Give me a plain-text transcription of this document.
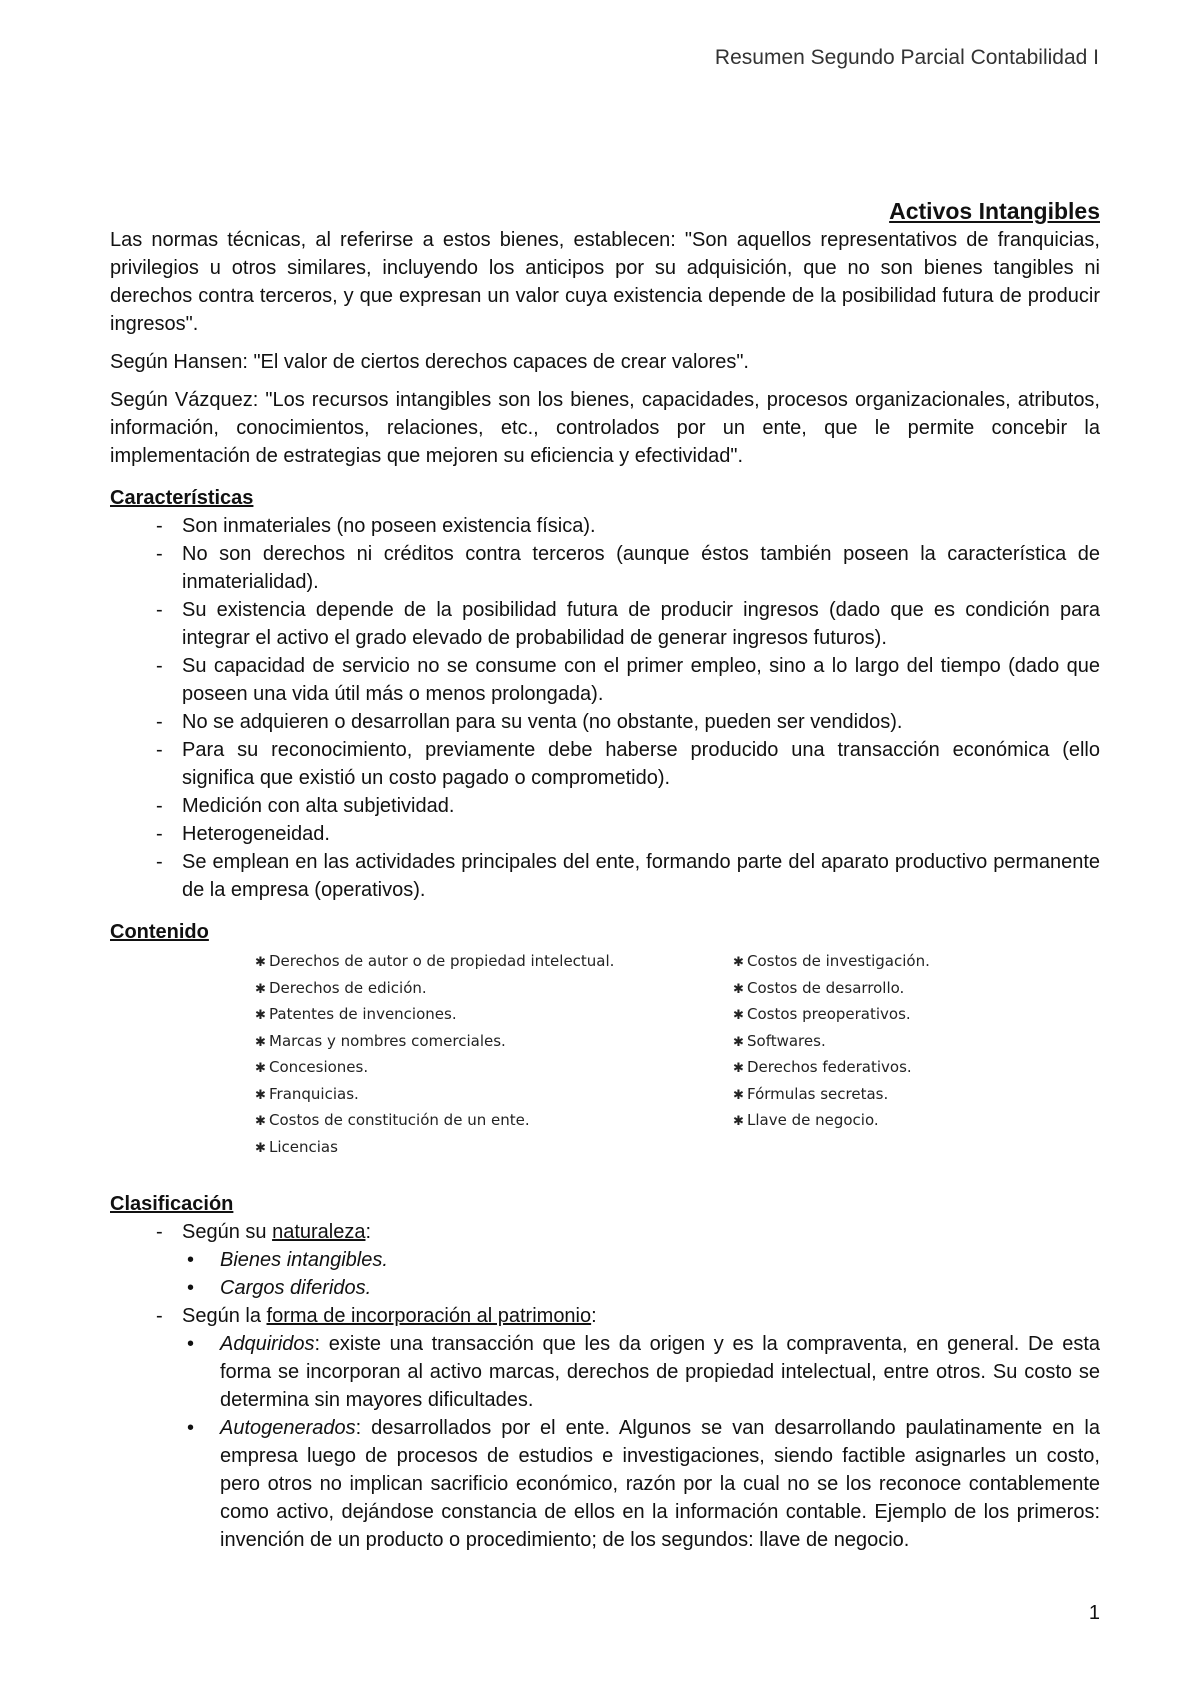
Resumen Segundo Parcial Contabilidad I
Activos Intangibles

Las normas técnicas, al referirse a estos bienes, establecen: "Son aquellos representativos de franquicias, privilegios u otros similares, incluyendo los anticipos por su adquisición, que no son bienes tangibles ni derechos contra terceros, y que expresan un valor cuya existencia depende de la posibilidad futura de producir ingresos".

Según Hansen: "El valor de ciertos derechos capaces de crear valores".

Según Vázquez: "Los recursos intangibles son los bienes, capacidades, procesos organizacionales, atributos, información, conocimientos, relaciones, etc., controlados por un ente, que le permite concebir la implementación de estrategias que mejoren su eficiencia y efectividad".

Características
- Son inmateriales (no poseen existencia física).
- No son derechos ni créditos contra terceros (aunque éstos también poseen la característica de inmaterialidad).
- Su existencia depende de la posibilidad futura de producir ingresos (dado que es condición para integrar el activo el grado elevado de probabilidad de generar ingresos futuros).
- Su capacidad de servicio no se consume con el primer empleo, sino a lo largo del tiempo (dado que poseen una vida útil más o menos prolongada).
- No se adquieren o desarrollan para su venta (no obstante, pueden ser vendidos).
- Para su reconocimiento, previamente debe haberse producido una transacción económica (ello significa que existió un costo pagado o comprometido).
- Medición con alta subjetividad.
- Heterogeneidad.
- Se emplean en las actividades principales del ente, formando parte del aparato productivo permanente de la empresa (operativos).
Contenido
✱ Derechos de autor o de propiedad intelectual.
✱ Derechos de edición.
✱ Patentes de invenciones.
✱ Marcas y nombres comerciales.
✱ Concesiones.
✱ Franquicias.
✱ Costos de constitución de un ente.
✱ Licencias
✱ Costos de investigación.
✱ Costos de desarrollo.
✱ Costos preoperativos.
✱ Softwares.
✱ Derechos federativos.
✱ Fórmulas secretas.
✱ Llave de negocio.
Clasificación
- Según su naturaleza:
• Bienes intangibles.
• Cargos diferidos.
- Según la forma de incorporación al patrimonio:
• Adquiridos: existe una transacción que les da origen y es la compraventa, en general. De esta forma se incorporan al activo marcas, derechos de propiedad intelectual, entre otros. Su costo se determina sin mayores dificultades.
• Autogenerados: desarrollados por el ente. Algunos se van desarrollando paulatinamente en la empresa luego de procesos de estudios e investigaciones, siendo factible asignarles un costo, pero otros no implican sacrificio económico, razón por la cual no se los reconoce contablemente como activo, dejándose constancia de ellos en la información contable. Ejemplo de los primeros: invención de un producto o procedimiento; de los segundos: llave de negocio.
1
